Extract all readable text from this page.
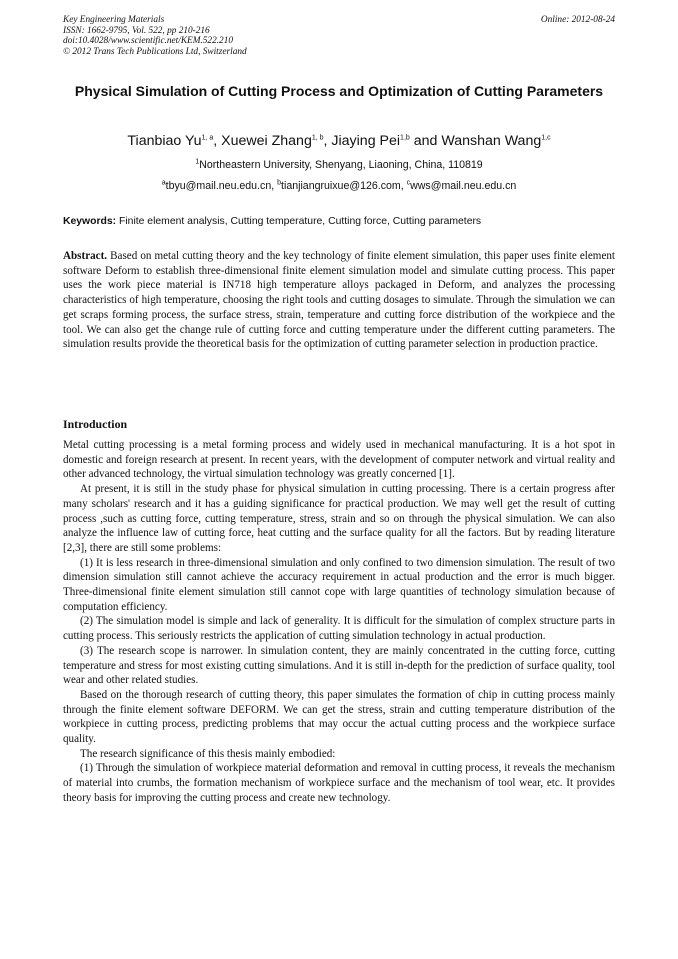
Key Engineering Materials
ISSN: 1662-9795, Vol. 522, pp 210-216
doi:10.4028/www.scientific.net/KEM.522.210
© 2012 Trans Tech Publications Ltd, Switzerland
Online: 2012-08-24
Physical Simulation of Cutting Process and Optimization of Cutting Parameters
Tianbiao Yu$^{1, a}$, Xuewei Zhang$^{1, b}$, Jiaying Pei$^{1,b}$ and Wanshan Wang$^{1,c}$
$^1$Northeastern University, Shenyang, Liaoning, China, 110819
$^a$tbyu@mail.neu.edu.cn, $^b$tianjiangruixue@126.com, $^c$wws@mail.neu.edu.cn
Keywords: Finite element analysis, Cutting temperature, Cutting force, Cutting parameters

Abstract. Based on metal cutting theory and the key technology of finite element simulation, this paper uses finite element software Deform to establish three-dimensional finite element simulation model and simulate cutting process. This paper uses the work piece material is IN718 high temperature alloys packaged in Deform, and analyzes the processing characteristics of high temperature, choosing the right tools and cutting dosages to simulate. Through the simulation we can get scraps forming process, the surface stress, strain, temperature and cutting force distribution of the workpiece and the tool. We can also get the change rule of cutting force and cutting temperature under the different cutting parameters. The simulation results provide the theoretical basis for the optimization of cutting parameter selection in production practice.

Introduction

Metal cutting processing is a metal forming process and widely used in mechanical manufacturing. It is a hot spot in domestic and foreign research at present. In recent years, with the development of computer network and virtual reality and other advanced technology, the virtual simulation technology was greatly concerned [1].

At present, it is still in the study phase for physical simulation in cutting processing. There is a certain progress after many scholars' research and it has a guiding significance for practical production. We may well get the result of cutting process ,such as cutting force, cutting temperature, stress, strain and so on through the physical simulation. We can also analyze the influence law of cutting force, heat cutting and the surface quality for all the factors. But by reading literature [2,3], there are still some problems:

(1) It is less research in three-dimensional simulation and only confined to two dimension simulation. The result of two dimension simulation still cannot achieve the accuracy requirement in actual production and the error is much bigger. Three-dimensional finite element simulation still cannot cope with large quantities of technology simulation because of computation efficiency.

(2) The simulation model is simple and lack of generality. It is difficult for the simulation of complex structure parts in cutting process. This seriously restricts the application of cutting simulation technology in actual production.

(3) The research scope is narrower. In simulation content, they are mainly concentrated in the cutting force, cutting temperature and stress for most existing cutting simulations. And it is still in-depth for the prediction of surface quality, tool wear and other related studies.

Based on the thorough research of cutting theory, this paper simulates the formation of chip in cutting process mainly through the finite element software DEFORM. We can get the stress, strain and cutting temperature distribution of the workpiece in cutting process, predicting problems that may occur the actual cutting process and the workpiece surface quality.

The research significance of this thesis mainly embodied:

(1) Through the simulation of workpiece material deformation and removal in cutting process, it reveals the mechanism of material into crumbs, the formation mechanism of workpiece surface and the mechanism of tool wear, etc. It provides theory basis for improving the cutting process and create new technology.
